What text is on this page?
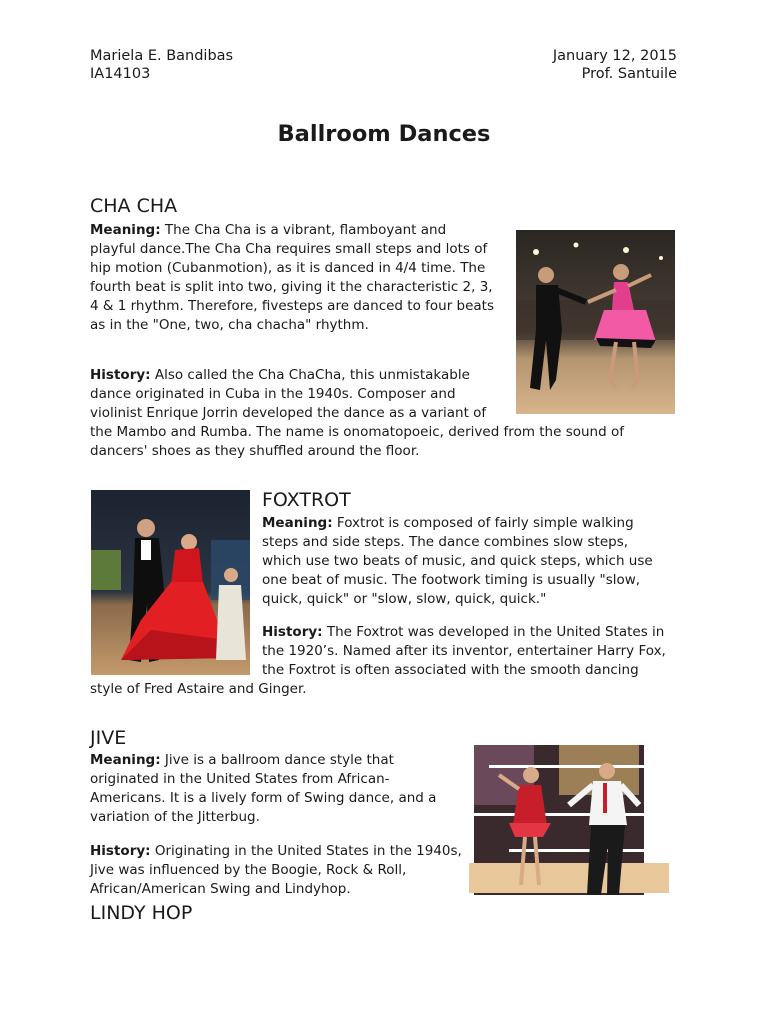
Mariela E. Bandibas
IA14103
January 12, 2015
Prof. Santuile
Ballroom Dances
CHA CHA

Meaning: The Cha Cha is a vibrant, flamboyant and
playful dance.The Cha Cha requires small steps and lots of
hip motion (Cubanmotion), as it is danced in 4/4 time. The
fourth beat is split into two, giving it the characteristic 2, 3,
4 & 1 rhythm. Therefore, fivesteps are danced to four beats
as in the "One, two, cha chacha" rhythm.

History: Also called the Cha ChaCha, this unmistakable
dance originated in Cuba in the 1940s. Composer and
violinist Enrique Jorrin developed the dance as a variant of
the Mambo and Rumba. The name is onomatopoeic, derived from the sound of
dancers' shoes as they shuffled around the floor.

FOXTROT

Meaning: Foxtrot is composed of fairly simple walking
steps and side steps. The dance combines slow steps,
which use two beats of music, and quick steps, which use
one beat of music. The footwork timing is usually "slow,
quick, quick" or "slow, slow, quick, quick."

History: The Foxtrot was developed in the United States in
the 1920’s. Named after its inventor, entertainer Harry Fox,
the Foxtrot is often associated with the smooth dancing

style of Fred Astaire and Ginger.

JIVE

Meaning: Jive is a ballroom dance style that
originated in the United States from African-
Americans. It is a lively form of Swing dance, and a
variation of the Jitterbug.

History: Originating in the United States in the 1940s,
Jive was influenced by the Boogie, Rock & Roll,
African/American Swing and Lindyhop.

LINDY HOP
